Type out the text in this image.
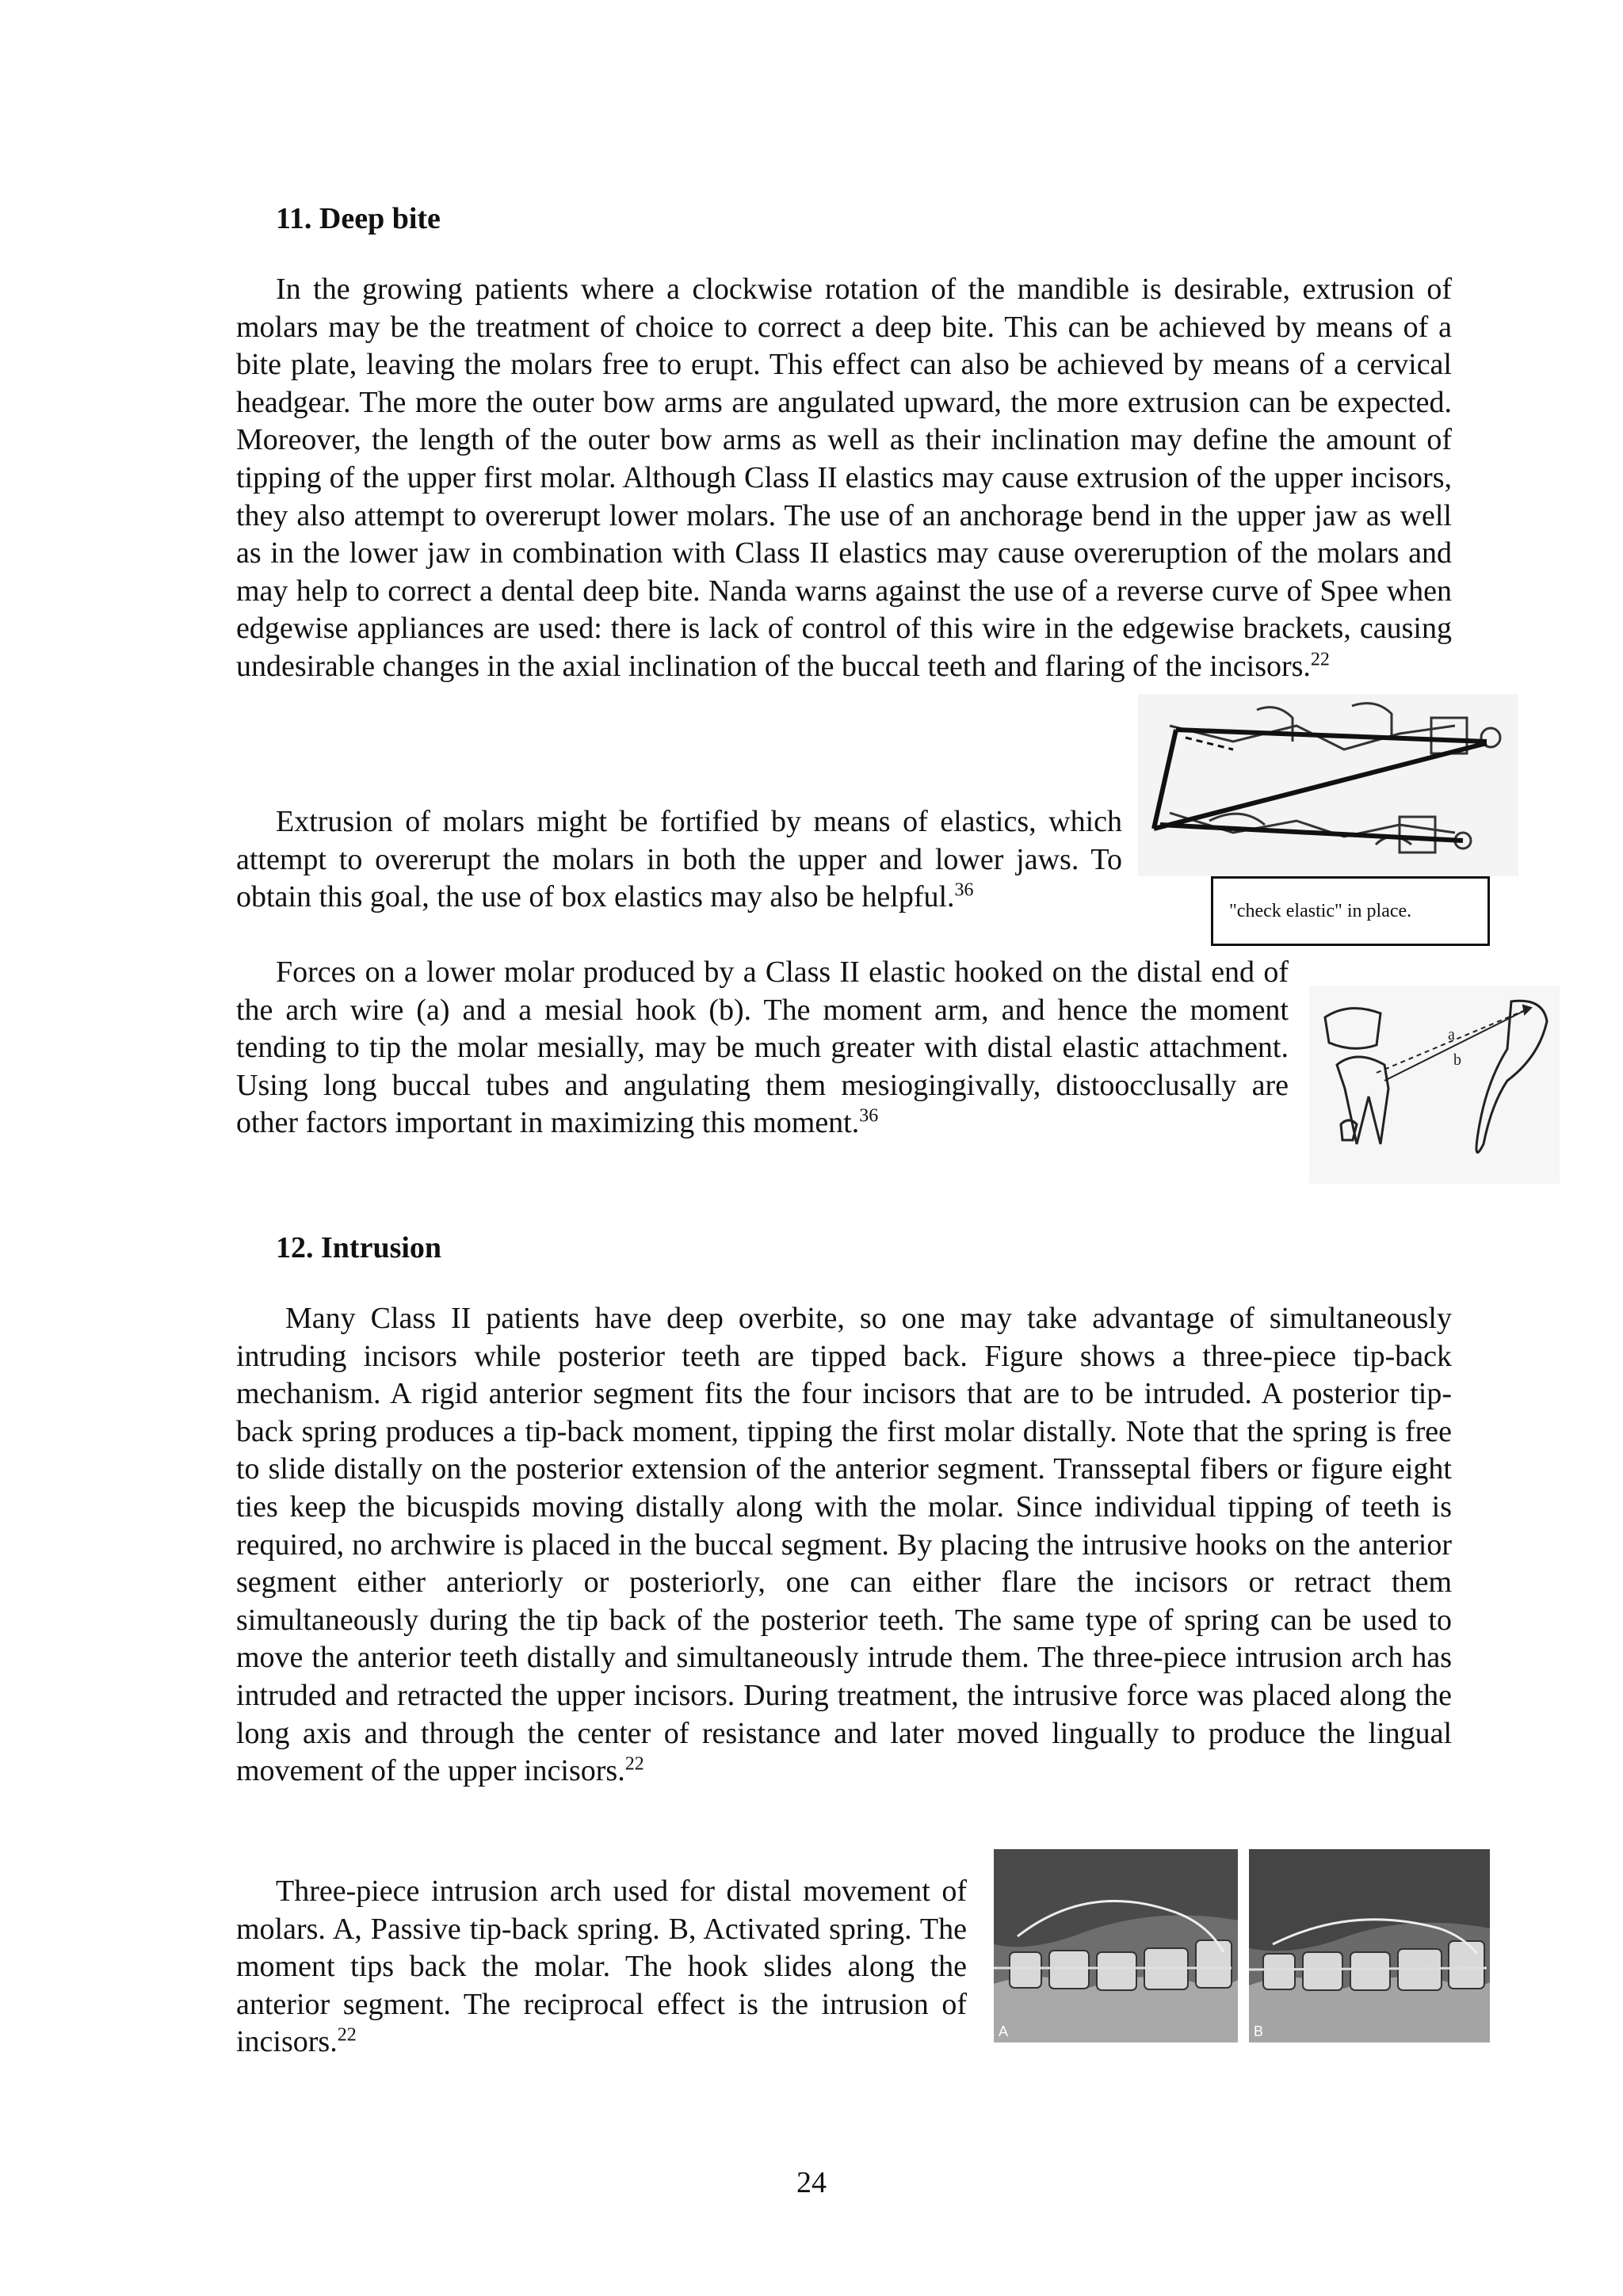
11. Deep bite
In the growing patients where a clockwise rotation of the mandible is desirable, extrusion of molars may be the treatment of choice to correct a deep bite. This can be achieved by means of a bite plate, leaving the molars free to erupt. This effect can also be achieved by means of a cervical headgear. The more the outer bow arms are angulated upward, the more extrusion can be expected. Moreover, the length of the outer bow arms as well as their inclination may define the amount of tipping of the upper first molar. Although Class II elastics may cause extrusion of the upper incisors, they also attempt to overerupt lower molars. The use of an anchorage bend in the upper jaw as well as in the lower jaw in combination with Class II elastics may cause overeruption of the molars and may help to correct a dental deep bite. Nanda warns against the use of a reverse curve of Spee when edgewise appliances are used: there is lack of control of this wire in the edgewise brackets, causing undesirable changes in the axial inclination of the buccal teeth and flaring of the incisors.$^{22}$
"check elastic" in place.
Extrusion of molars might be fortified by means of elastics, which attempt to overerupt the molars in both the upper and lower jaws. To obtain this goal, the use of box elastics may also be helpful.$^{36}$
a
b
Forces on a lower molar produced by a Class II elastic hooked on the distal end of the arch wire (a) and a mesial hook (b). The moment arm, and hence the moment tending to tip the molar mesially, may be much greater with distal elastic attachment. Using long buccal tubes and angulating them mesiogingivally, distoocclusally are other factors important in maximizing this moment.$^{36}$
12. Intrusion
Many Class II patients have deep overbite, so one may take advantage of simultaneously intruding incisors while posterior teeth are tipped back. Figure shows a three-piece tip-back mechanism. A rigid anterior segment fits the four incisors that are to be intruded. A posterior tip-back spring produces a tip-back moment, tipping the first molar distally. Note that the spring is free to slide distally on the posterior extension of the anterior segment. Transseptal fibers or figure eight ties keep the bicuspids moving distally along with the molar. Since individual tipping of teeth is required, no archwire is placed in the buccal segment. By placing the intrusive hooks on the anterior segment either anteriorly or posteriorly, one can either flare the incisors or retract them simultaneously during the tip back of the posterior teeth. The same type of spring can be used to move the anterior teeth distally and simultaneously intrude them. The three-piece intrusion arch has intruded and retracted the upper incisors. During treatment, the intrusive force was placed along the long axis and through the center of resistance and later moved lingually to produce the lingual movement of the upper incisors.$^{22}$
A	B
Three-piece intrusion arch used for distal movement of molars. A, Passive tip-back spring. B, Activated spring. The moment tips back the molar. The hook slides along the anterior segment. The reciprocal effect is the intrusion of incisors.$^{22}$
24
